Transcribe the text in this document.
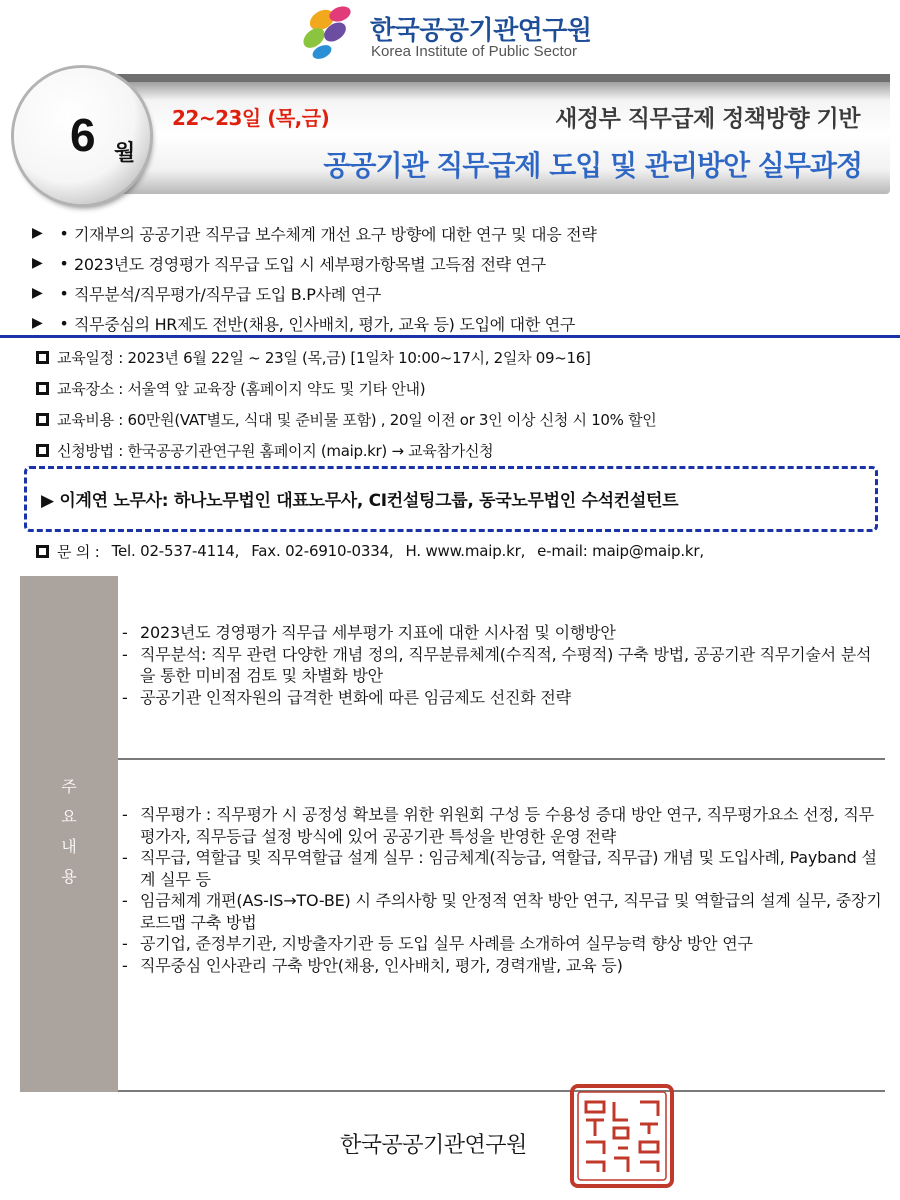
한국공공기관연구원
Korea Institute of Public Sector
6 월
22~23일 (목,금)	새정부 직무급제 정책방향 기반
공공기관 직무급제 도입 및 관리방안 실무과정
▶	• 기재부의 공공기관 직무급 보수체계 개선 요구 방향에 대한 연구 및 대응 전략
▶	• 2023년도 경영평가 직무급 도입 시 세부평가항목별 고득점 전략 연구
▶	• 직무분석/직무평가/직무급 도입 B.P사례 연구
▶	• 직무중심의 HR제도 전반(채용, 인사배치, 평가, 교육 등) 도입에 대한 연구
교육일정 : 2023년 6월 22일 ~ 23일 (목,금) [1일차 10:00~17시, 2일차 09~16]
교육장소 : 서울역 앞 교육장 (홈페이지 약도 및 기타 안내)
교육비용 : 60만원(VAT별도, 식대 및 준비물 포함) , 20일 이전 or 3인 이상 신청 시 10% 할인
신청방법 : 한국공공기관연구원 홈페이지 (maip.kr) → 교육참가신청
▶ 이계연 노무사: 하나노무법인 대표노무사, CI컨설팅그룹, 동국노무법인 수석컨설턴트
문 의 : Tel. 02-537-4114, Fax. 02-6910-0334, H. www.maip.kr, e-mail: maip@maip.kr,
주
요
내
용
- 2023년도 경영평가 직무급 세부평가 지표에 대한 시사점 및 이행방안
- 직무분석: 직무 관련 다양한 개념 정의, 직무분류체계(수직적, 수평적) 구축 방법, 공공기관 직무기술서 분석을 통한 미비점 검토 및 차별화 방안
- 공공기관 인적자원의 급격한 변화에 따른 임금제도 선진화 전략
- 직무평가 : 직무평가 시 공정성 확보를 위한 위원회 구성 등 수용성 증대 방안 연구, 직무평가요소 선정, 직무평가자, 직무등급 설정 방식에 있어 공공기관 특성을 반영한 운영 전략
- 직무급, 역할급 및 직무역할급 설계 실무 : 임금체계(직능급, 역할급, 직무급) 개념 및 도입사례, Payband 설계 실무 등
- 임금체계 개편(AS-IS→TO-BE) 시 주의사항 및 안정적 연착 방안 연구, 직무급 및 역할급의 설계 실무, 중장기 로드맵 구축 방법
- 공기업, 준정부기관, 지방출자기관 등 도입 실무 사례를 소개하여 실무능력 향상 방안 연구
- 직무중심 인사관리 구축 방안(채용, 인사배치, 평가, 경력개발, 교육 등)
한국공공기관연구원
